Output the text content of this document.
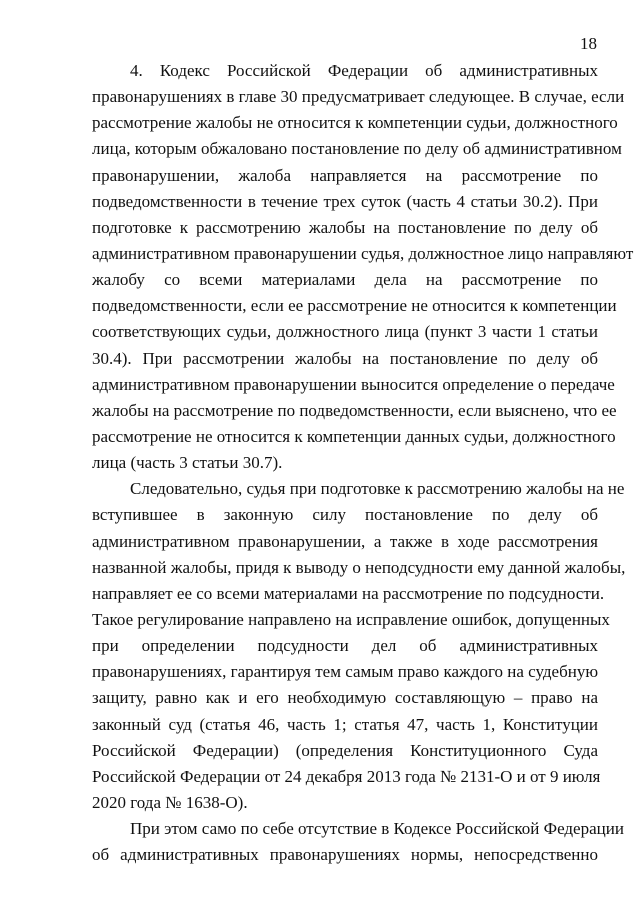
18

4. Кодекс Российской Федерации об административных
правонарушениях в главе 30 предусматривает следующее. В случае, если
рассмотрение жалобы не относится к компетенции судьи, должностного
лица, которым обжаловано постановление по делу об административном
правонарушении, жалоба направляется на рассмотрение по
подведомственности в течение трех суток (часть 4 статьи 30.2). При
подготовке к рассмотрению жалобы на постановление по делу об
административном правонарушении судья, должностное лицо направляют
жалобу со всеми материалами дела на рассмотрение по
подведомственности, если ее рассмотрение не относится к компетенции
соответствующих судьи, должностного лица (пункт 3 части 1 статьи
30.4). При рассмотрении жалобы на постановление по делу об
административном правонарушении выносится определение о передаче
жалобы на рассмотрение по подведомственности, если выяснено, что ее
рассмотрение не относится к компетенции данных судьи, должностного
лица (часть 3 статьи 30.7).
Следовательно, судья при подготовке к рассмотрению жалобы на не
вступившее в законную силу постановление по делу об
административном правонарушении, а также в ходе рассмотрения
названной жалобы, придя к выводу о неподсудности ему данной жалобы,
направляет ее со всеми материалами на рассмотрение по подсудности.
Такое регулирование направлено на исправление ошибок, допущенных
при определении подсудности дел об административных
правонарушениях, гарантируя тем самым право каждого на судебную
защиту, равно как и его необходимую составляющую – право на
законный суд (статья 46, часть 1; статья 47, часть 1, Конституции
Российской Федерации) (определения Конституционного Суда
Российской Федерации от 24 декабря 2013 года № 2131-О и от 9 июля
2020 года № 1638-О).
При этом само по себе отсутствие в Кодексе Российской Федерации
об административных правонарушениях нормы, непосредственно
